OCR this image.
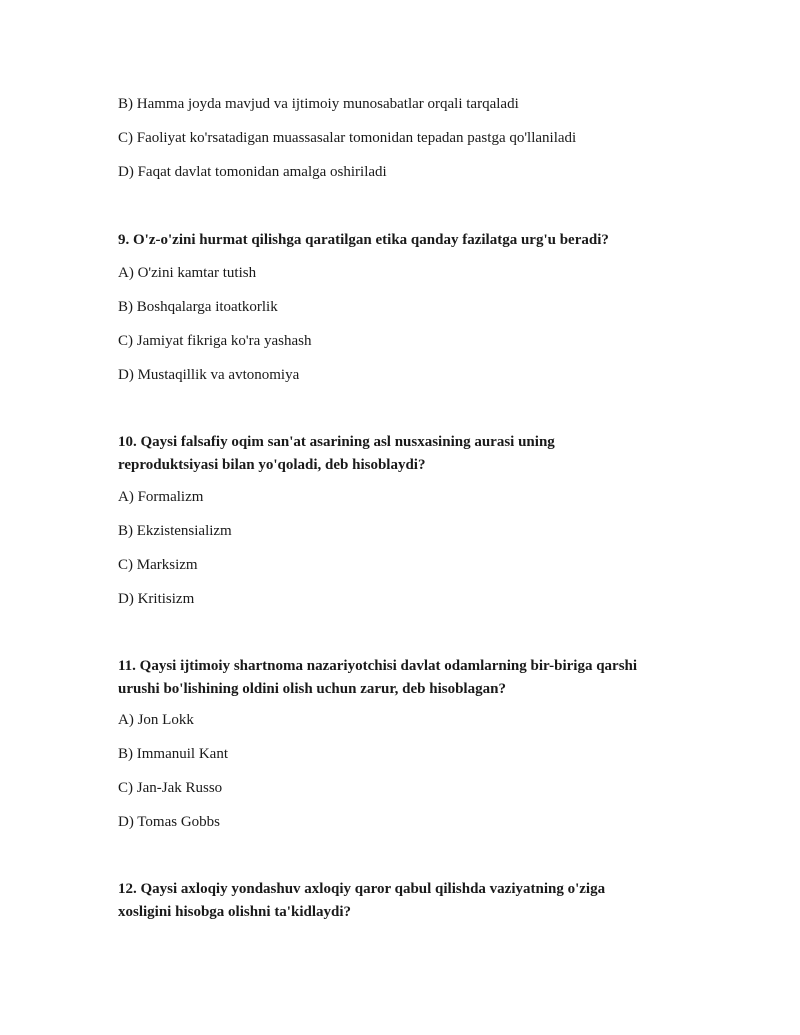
B) Hamma joyda mavjud va ijtimoiy munosabatlar orqali tarqaladi
C) Faoliyat ko'rsatadigan muassasalar tomonidan tepadan pastga qo'llaniladi
D) Faqat davlat tomonidan amalga oshiriladi
9. O'z-o'zini hurmat qilishga qaratilgan etika qanday fazilatga urg'u beradi?
A) O'zini kamtar tutish
B) Boshqalarga itoatkorlik
C) Jamiyat fikriga ko'ra yashash
D) Mustaqillik va avtonomiya
10. Qaysi falsafiy oqim san'at asarining asl nusxasining aurasi uning
reproduktsiyasi bilan yo'qoladi, deb hisoblaydi?
A) Formalizm
B) Ekzistensializm
C) Marksizm
D) Kritisizm
11. Qaysi ijtimoiy shartnoma nazariyotchisi davlat odamlarning bir-biriga qarshi
urushi bo'lishining oldini olish uchun zarur, deb hisoblagan?
A) Jon Lokk
B) Immanuil Kant
C) Jan-Jak Russo
D) Tomas Gobbs
12. Qaysi axloqiy yondashuv axloqiy qaror qabul qilishda vaziyatning o'ziga
xosligini hisobga olishni ta'kidlaydi?
